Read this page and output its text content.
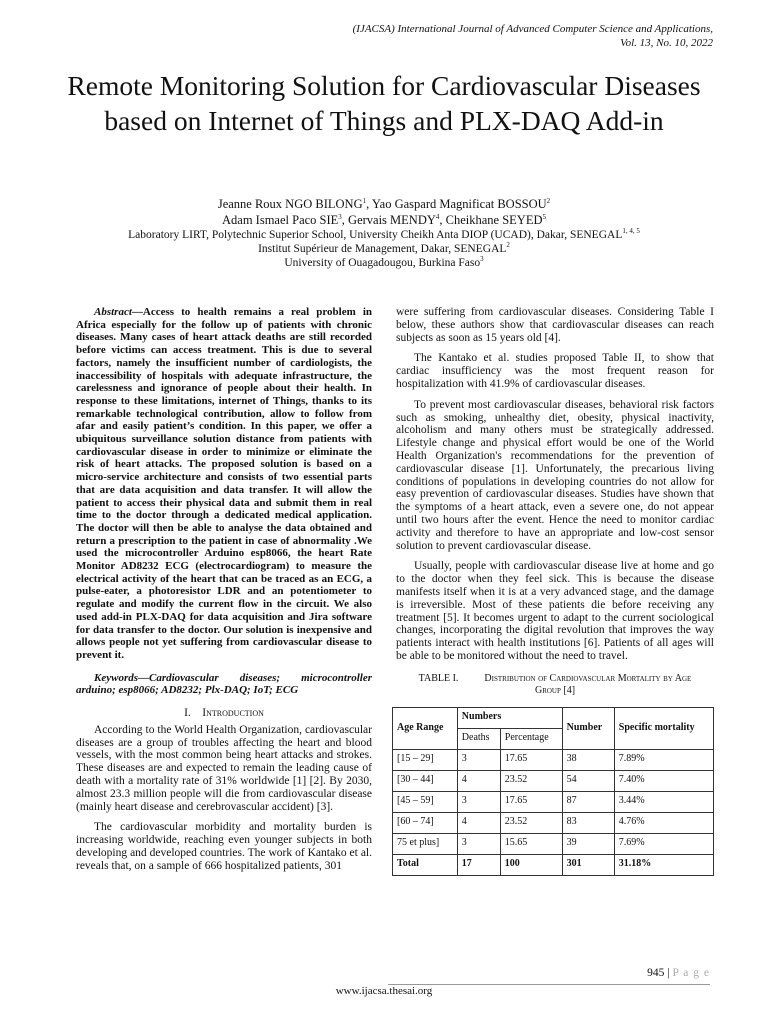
(IJACSA) International Journal of Advanced Computer Science and Applications,
Vol. 13, No. 10, 2022
Remote Monitoring Solution for Cardiovascular Diseases based on Internet of Things and PLX-DAQ Add-in
Jeanne Roux NGO BILONG$^1$, Yao Gaspard Magnificat BOSSOU$^2$
Adam Ismael Paco SIE$^3$, Gervais MENDY$^4$, Cheikhane SEYED$^5$
Laboratory LIRT, Polytechnic Superior School, University Cheikh Anta DIOP (UCAD), Dakar, SENEGAL$^{1, 4, 5}$
Institut Supérieur de Management, Dakar, SENEGAL$^2$
University of Ouagadougou, Burkina Faso$^3$

Abstract—Access to health remains a real problem in Africa especially for the follow up of patients with chronic diseases. Many cases of heart attack deaths are still recorded before victims can access treatment. This is due to several factors, namely the insufficient number of cardiologists, the inaccessibility of hospitals with adequate infrastructure, the carelessness and ignorance of people about their health. In response to these limitations, internet of Things, thanks to its remarkable technological contribution, allow to follow from afar and easily patient’s condition. In this paper, we offer a ubiquitous surveillance solution distance from patients with cardiovascular disease in order to minimize or eliminate the risk of heart attacks. The proposed solution is based on a micro-service architecture and consists of two essential parts that are data acquisition and data transfer. It will allow the patient to access their physical data and submit them in real time to the doctor through a dedicated medical application. The doctor will then be able to analyse the data obtained and return a prescription to the patient in case of abnormality .We used the microcontroller Arduino esp8066, the heart Rate Monitor AD8232 ECG (electrocardiogram) to measure the electrical activity of the heart that can be traced as an ECG, a pulse-eater, a photoresistor LDR and an potentiometer to regulate and modify the current flow in the circuit. We also used add-in PLX-DAQ for data acquisition and Jira software for data transfer to the doctor. Our solution is inexpensive and allows people not yet suffering from cardiovascular disease to prevent it.

Keywords—Cardiovascular diseases; microcontroller arduino; esp8066; AD8232; Plx-DAQ; IoT; ECG

I. Introduction

According to the World Health Organization, cardiovascular diseases are a group of troubles affecting the heart and blood vessels, with the most common being heart attacks and strokes. These diseases are and expected to remain the leading cause of death with a mortality rate of 31% worldwide [1] [2]. By 2030, almost 23.3 million people will die from cardiovascular disease (mainly heart disease and cerebrovascular accident) [3].

The cardiovascular morbidity and mortality burden is increasing worldwide, reaching even younger subjects in both developing and developed countries. The work of Kantako et al. reveals that, on a sample of 666 hospitalized patients, 301

were suffering from cardiovascular diseases. Considering Table I below, these authors show that cardiovascular diseases can reach subjects as soon as 15 years old [4].

The Kantako et al. studies proposed Table II, to show that cardiac insufficiency was the most frequent reason for hospitalization with 41.9% of cardiovascular diseases.

To prevent most cardiovascular diseases, behavioral risk factors such as smoking, unhealthy diet, obesity, physical inactivity, alcoholism and many others must be strategically addressed. Lifestyle change and physical effort would be one of the World Health Organization's recommendations for the prevention of cardiovascular disease [1]. Unfortunately, the precarious living conditions of populations in developing countries do not allow for easy prevention of cardiovascular diseases. Studies have shown that the symptoms of a heart attack, even a severe one, do not appear until two hours after the event. Hence the need to monitor cardiac activity and therefore to have an appropriate and low-cost sensor solution to prevent cardiovascular disease.

Usually, people with cardiovascular disease live at home and go to the doctor when they feel sick. This is because the disease manifests itself when it is at a very advanced stage, and the damage is irreversible. Most of these patients die before receiving any treatment [5]. It becomes urgent to adapt to the current sociological changes, incorporating the digital revolution that improves the way patients interact with health institutions [6]. Patients of all ages will be able to be monitored without the need to travel.

TABLE I.	Distribution of Cardiovascular Mortality by Age
Group [4]
Age Range	Numbers		Number	Specific mortality
	Deaths	Percentage		
[15 – 29]	3	17.65	38	7.89%
[30 – 44]	4	23.52	54	7.40%
[45 – 59]	3	17.65	87	3.44%
[60 – 74]	4	23.52	83	4.76%
75 et plus]	3	15.65	39	7.69%
Total	17	100	301	31.18%
945 | P a g e
www.ijacsa.thesai.org
